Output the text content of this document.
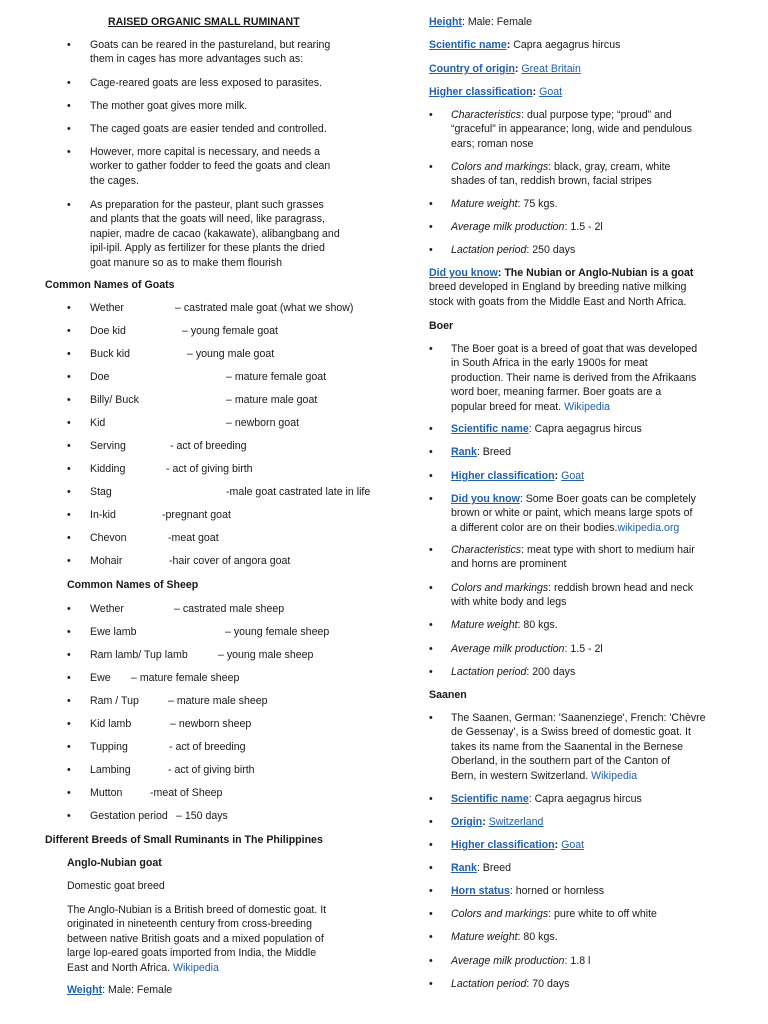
RAISED ORGANIC SMALL RUMINANT
• Goats can be reared in the pastureland, but rearing
them in cages has more advantages such as:
• Cage-reared goats are less exposed to parasites.
• The mother goat gives more milk.
• The caged goats are easier tended and controlled.
• However, more capital is necessary, and needs a
worker to gather fodder to feed the goats and clean
the cages.
• As preparation for the pasteur, plant such grasses
and plants that the goats will need, like paragrass,
napier, madre de cacao (kakawate), alibangbang and
ipil-ipil. Apply as fertilizer for these plants the dried
goat manure so as to make them flourish
Common Names of Goats
• Wether	– castrated male goat (what we show)
• Doe kid	– young female goat
• Buck kid	– young male goat
• Doe	– mature female goat
• Billy/ Buck	– mature male goat
• Kid	– newborn goat
• Serving	- act of breeding
• Kidding	- act of giving birth
• Stag	-male goat castrated late in life
• In-kid	-pregnant goat
• Chevon	-meat goat
• Mohair	-hair cover of angora goat
Common Names of Sheep
• Wether	– castrated male sheep
• Ewe lamb	– young female sheep
• Ram lamb/ Tup lamb	– young male sheep
• Ewe – mature female sheep
• Ram / Tup	– mature male sheep
• Kid lamb	– newborn sheep
• Tupping	- act of breeding
• Lambing	- act of giving birth
• Mutton	-meat of Sheep
• Gestation period – 150 days
Different Breeds of Small Ruminants in The Philippines
Anglo-Nubian goat
Domestic goat breed
The Anglo-Nubian is a British breed of domestic goat. It
originated in nineteenth century from cross-breeding
between native British goats and a mixed population of
large lop-eared goats imported from India, the Middle
East and North Africa. Wikipedia
Weight: Male: Female
Height: Male: Female
Scientific name: Capra aegagrus hircus
Country of origin: Great Britain
Higher classification: Goat
• Characteristics: dual purpose type; “proud” and
“graceful” in appearance; long, wide and pendulous
ears; roman nose
• Colors and markings: black, gray, cream, white
shades of tan, reddish brown, facial stripes
• Mature weight: 75 kgs.
• Average milk production: 1.5 - 2l
• Lactation period: 250 days
Did you know: The Nubian or Anglo-Nubian is a goat
breed developed in England by breeding native milking
stock with goats from the Middle East and North Africa.
Boer
• The Boer goat is a breed of goat that was developed
in South Africa in the early 1900s for meat
production. Their name is derived from the Afrikaans
word boer, meaning farmer. Boer goats are a
popular breed for meat. Wikipedia
• Scientific name: Capra aegagrus hircus
• Rank: Breed
• Higher classification: Goat
• Did you know: Some Boer goats can be completely
brown or white or paint, which means large spots of
a different color are on their bodies.wikipedia.org
• Characteristics: meat type with short to medium hair
and horns are prominent
• Colors and markings: reddish brown head and neck
with white body and legs
• Mature weight: 80 kgs.
• Average milk production: 1.5 - 2l
• Lactation period: 200 days
Saanen
• The Saanen, German: 'Saanenziege', French: 'Chèvre
de Gessenay', is a Swiss breed of domestic goat. It
takes its name from the Saanental in the Bernese
Oberland, in the southern part of the Canton of
Bern, in western Switzerland. Wikipedia
• Scientific name: Capra aegagrus hircus
• Origin: Switzerland
• Higher classification: Goat
• Rank: Breed
• Horn status: horned or hornless
• Colors and markings: pure white to off white
• Mature weight: 80 kgs.
• Average milk production: 1.8 l
• Lactation period: 70 days
